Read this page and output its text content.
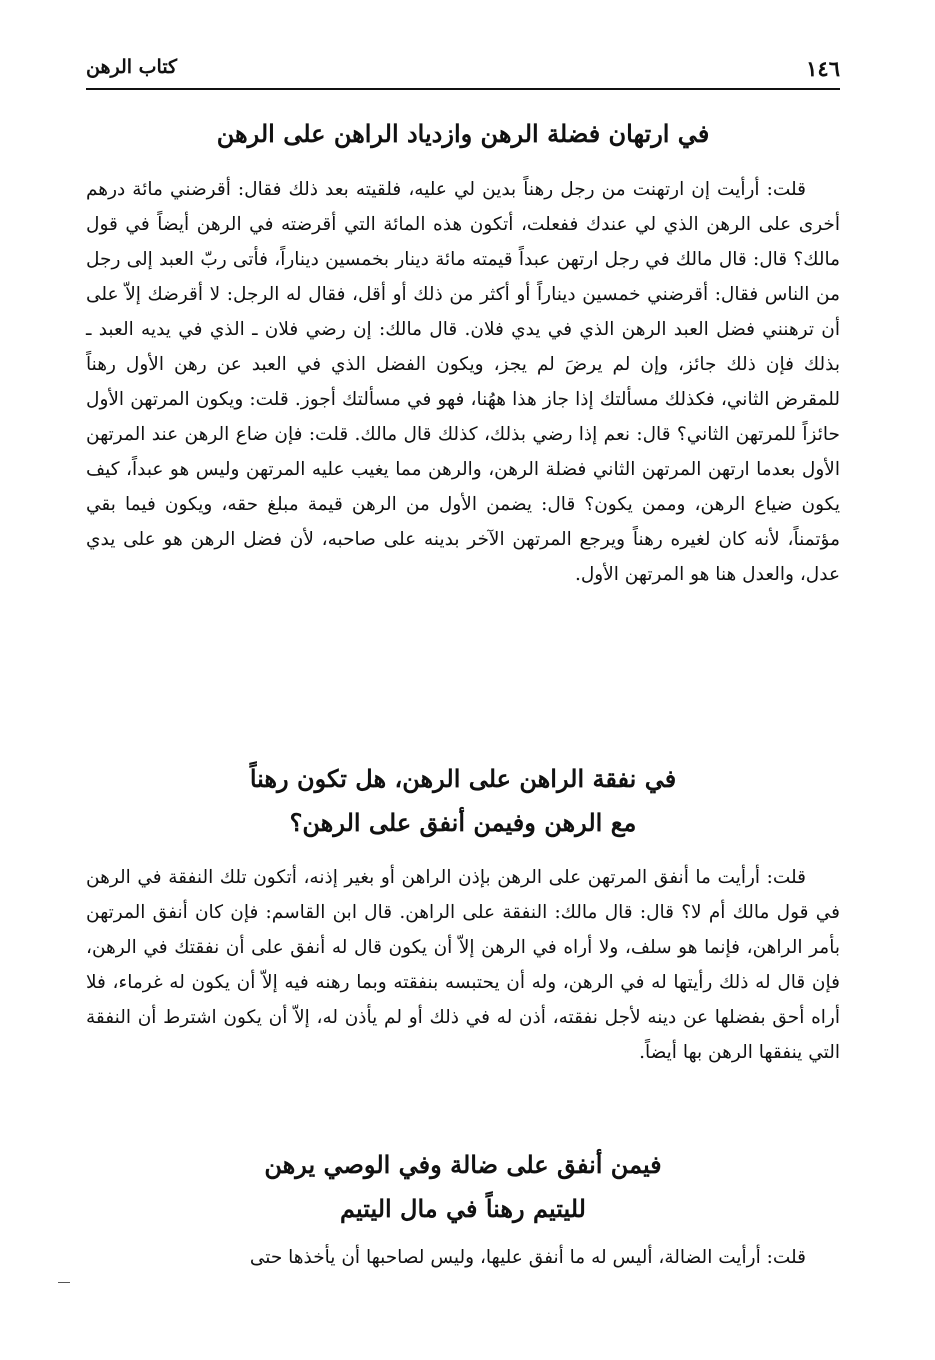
١٤٦
كتاب الرهن
في ارتهان فضلة الرهن وازدياد الراهن على الرهن

قلت: أرأيت إن ارتهنت من رجل رهناً بدين لي عليه، فلقيته بعد ذلك فقال: أقرضني مائة درهم أخرى على الرهن الذي لي عندك ففعلت، أتكون هذه المائة التي أقرضته في الرهن أيضاً في قول مالك؟ قال: قال مالك في رجل ارتهن عبداً قيمته مائة دينار بخمسين ديناراً، فأتى ربّ العبد إلى رجل من الناس فقال: أقرضني خمسين ديناراً أو أكثر من ذلك أو أقل، فقال له الرجل: لا أقرضك إلاّ على أن ترهنني فضل العبد الرهن الذي في يدي فلان. قال مالك: إن رضي فلان ـ الذي في يديه العبد ـ بذلك فإن ذلك جائز، وإن لم يرضَ لم يجز، ويكون الفضل الذي في العبد عن رهن الأول رهناً للمقرض الثاني، فكذلك مسألتك إذا جاز هذا ههُنا، فهو في مسألتك أجوز. قلت: ويكون المرتهن الأول حائزاً للمرتهن الثاني؟ قال: نعم إذا رضي بذلك، كذلك قال مالك. قلت: فإن ضاع الرهن عند المرتهن الأول بعدما ارتهن المرتهن الثاني فضلة الرهن، والرهن مما يغيب عليه المرتهن وليس هو عبداً، كيف يكون ضياع الرهن، وممن يكون؟ قال: يضمن الأول من الرهن قيمة مبلغ حقه، ويكون فيما بقي مؤتمناً، لأنه كان لغيره رهناً ويرجع المرتهن الآخر بدينه على صاحبه، لأن فضل الرهن هو على يدي عدل، والعدل هنا هو المرتهن الأول.

في نفقة الراهن على الرهن، هل تكون رهناً
مع الرهن وفيمن أنفق على الرهن؟

قلت: أرأيت ما أنفق المرتهن على الرهن بإذن الراهن أو بغير إذنه، أتكون تلك النفقة في الرهن في قول مالك أم لا؟ قال: قال مالك: النفقة على الراهن. قال ابن القاسم: فإن كان أنفق المرتهن بأمر الراهن، فإنما هو سلف، ولا أراه في الرهن إلاّ أن يكون قال له أنفق على أن نفقتك في الرهن، فإن قال له ذلك رأيتها له في الرهن، وله أن يحتبسه بنفقته وبما رهنه فيه إلاّ أن يكون له غرماء، فلا أراه أحق بفضلها عن دينه لأجل نفقته، أذن له في ذلك أو لم يأذن له، إلاّ أن يكون اشترط أن النفقة التي ينفقها الرهن بها أيضاً.

فيمن أنفق على ضالة وفي الوصي يرهن
لليتيم رهناً في مال اليتيم

قلت: أرأيت الضالة، أليس له ما أنفق عليها، وليس لصاحبها أن يأخذها حتى
